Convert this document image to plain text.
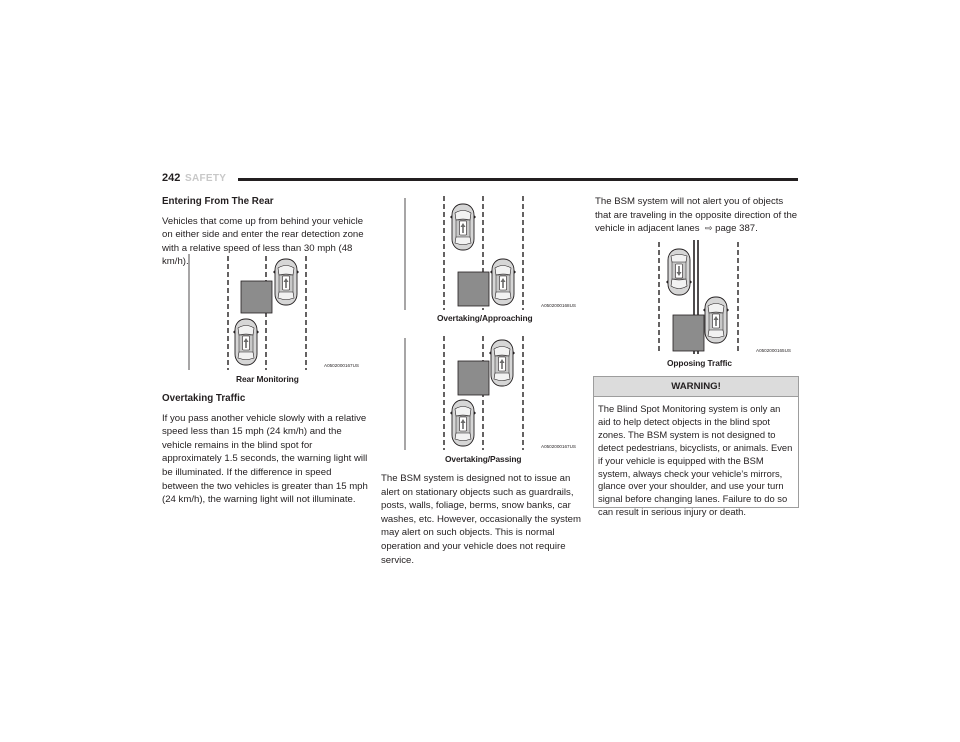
242 SAFETY
Entering From The Rear

Vehicles that come up from behind your vehicle on either side and enter the rear detection zone with a relative speed of less than 30 mph (48 km/h).

Rear Monitoring
A0502000167US
Overtaking Traffic

If you pass another vehicle slowly with a relative speed less than 15 mph (24 km/h) and the vehicle remains in the blind spot for approximately 1.5 seconds, the warning light will be illuminated. If the difference in speed between the two vehicles is greater than 15 mph (24 km/h), the warning light will not illuminate.

Overtaking/Approaching
A0502000168US
Overtaking/Passing
A0502000167US

The BSM system is designed not to issue an alert on stationary objects such as guardrails, posts, walls, foliage, berms, snow banks, car washes, etc. However, occasionally the system may alert on such objects. This is normal operation and your vehicle does not require service.

The BSM system will not alert you of objects that are traveling in the opposite direction of the vehicle in adjacent lanes ⇨ page 387.

Opposing Traffic
A0502000165US
WARNING!
The Blind Spot Monitoring system is only an aid to help detect objects in the blind spot zones. The BSM system is not designed to detect pedestrians, bicyclists, or animals. Even if your vehicle is equipped with the BSM system, always check your vehicle’s mirrors, glance over your shoulder, and use your turn signal before changing lanes. Failure to do so can result in serious injury or death.
